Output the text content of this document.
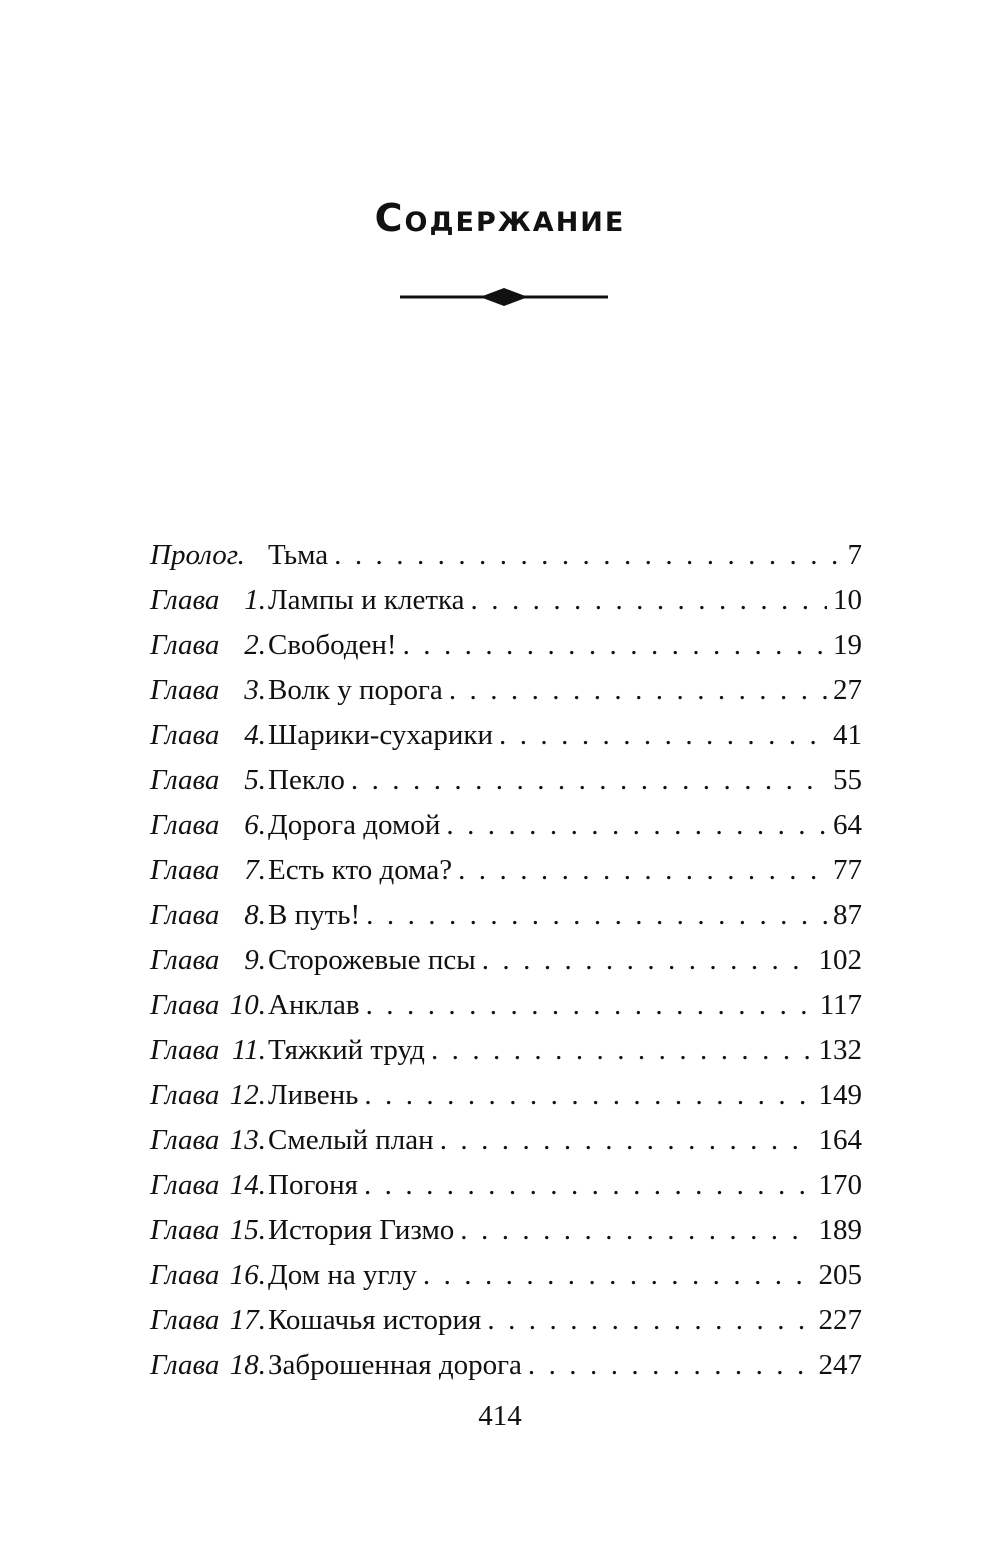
Содержание
Пролог. Тьма . . .	7
Глава 1. Лампы и клетка . . .	10
Глава 2. Свободен! . . .	19
Глава 3. Волк у порога . . .	27
Глава 4. Шарики-сухарики . . .	41
Глава 5. Пекло . . .	55
Глава 6. Дорога домой . . .	64
Глава 7. Есть кто дома? . . .	77
Глава 8. В путь! . . .	87
Глава 9. Сторожевые псы . . .	102
Глава 10. Анклав . . .	117
Глава 11. Тяжкий труд . . .	132
Глава 12. Ливень . . .	149
Глава 13. Смелый план . . .	164
Глава 14. Погоня . . .	170
Глава 15. История Гизмо . . .	189
Глава 16. Дом на углу . . .	205
Глава 17. Кошачья история . . .	227
Глава 18. Заброшенная дорога . . .	247
414
